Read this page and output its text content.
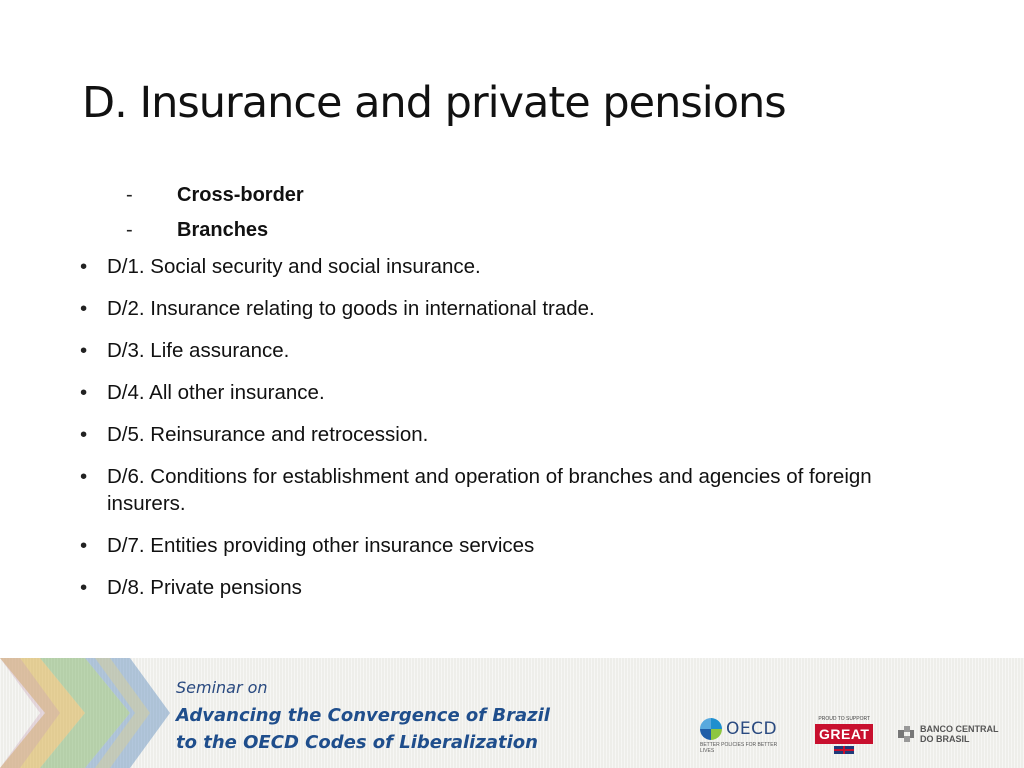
D. Insurance and private pensions
-	Cross-border
-	Branches
• D/1. Social security and social insurance.
• D/2. Insurance relating to goods in international trade.
• D/3. Life assurance.
• D/4. All other insurance.
• D/5. Reinsurance and retrocession.
• D/6. Conditions for establishment and operation of branches and agencies of foreign insurers.
• D/7. Entities providing other insurance services
• D/8. Private pensions
Seminar on
Advancing the Convergence of Brazil
to the OECD Codes of Liberalization
OECD
BETTER POLICIES FOR BETTER LIVES
PROUD TO SUPPORT
GREAT	BANCO CENTRAL
DO BRASIL
